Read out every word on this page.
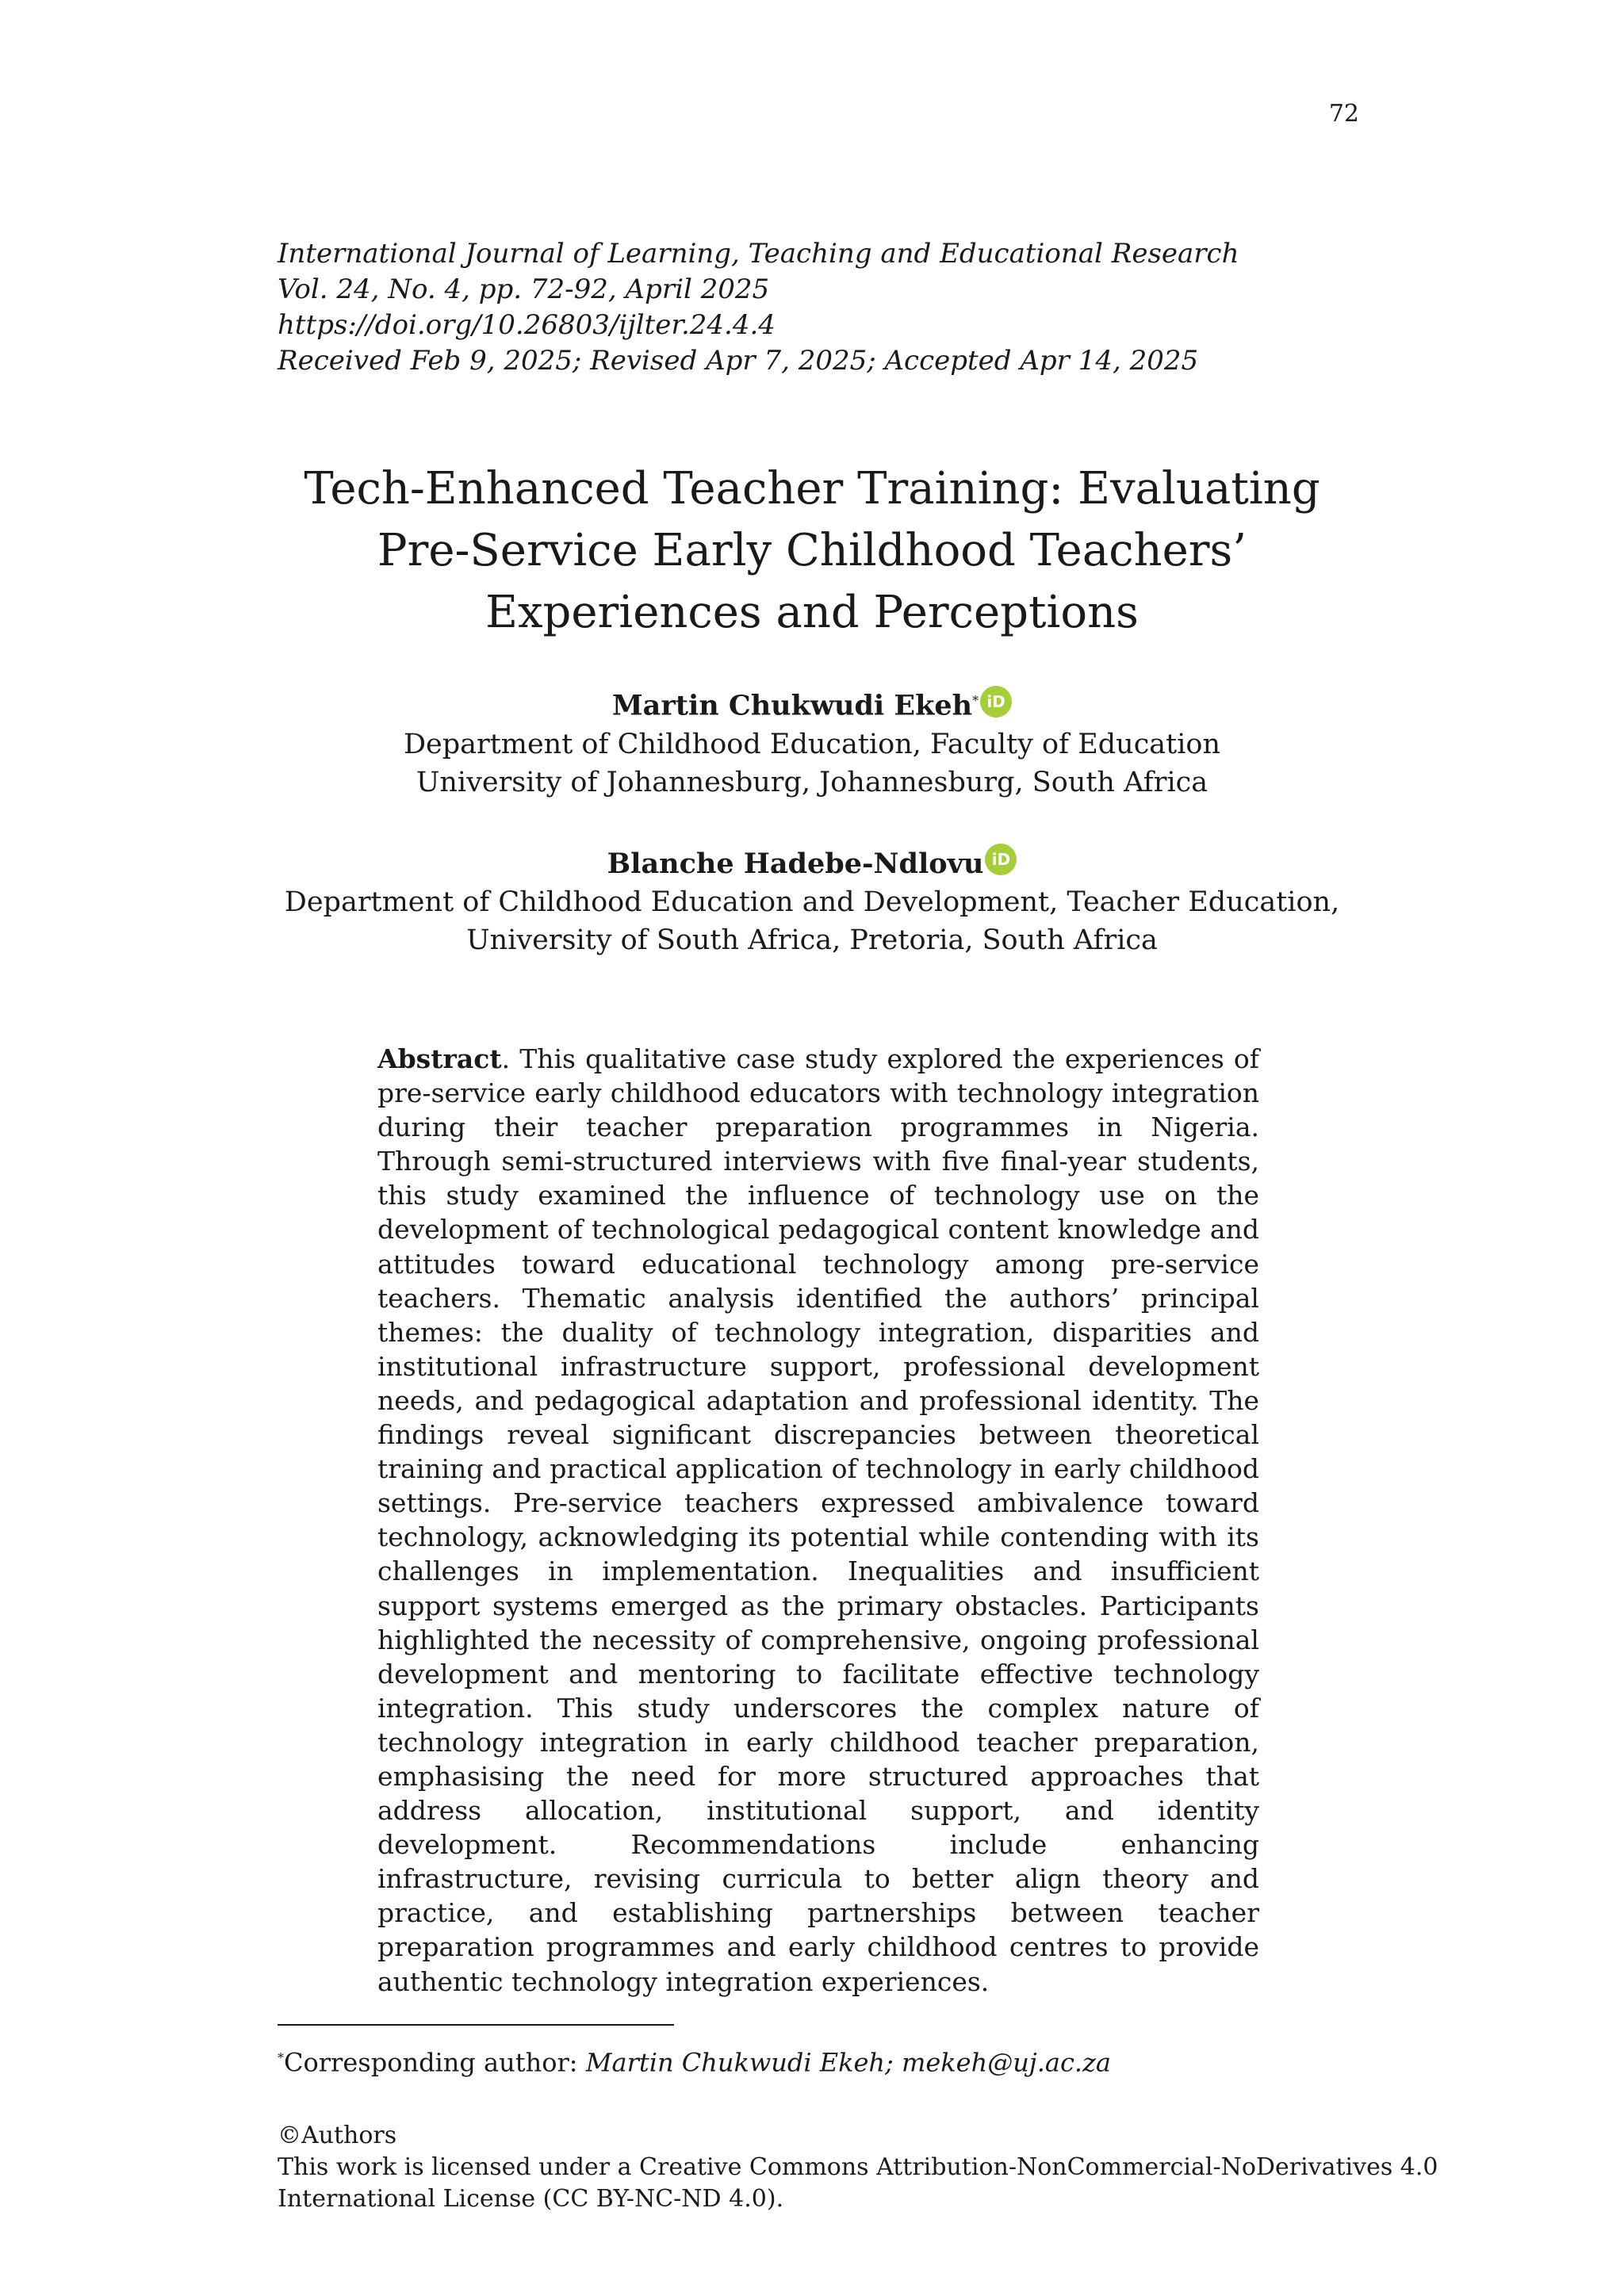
72
International Journal of Learning, Teaching and Educational Research
Vol. 24, No. 4, pp. 72-92, April 2025
https://doi.org/10.26803/ijlter.24.4.4
Received Feb 9, 2025; Revised Apr 7, 2025; Accepted Apr 14, 2025
Tech-Enhanced Teacher Training: Evaluating
Pre-Service Early Childhood Teachers’
Experiences and Perceptions
Martin Chukwudi Ekeh* iD
Department of Childhood Education, Faculty of Education
University of Johannesburg, Johannesburg, South Africa
Blanche Hadebe-Ndlovu iD
Department of Childhood Education and Development, Teacher Education,
University of South Africa, Pretoria, South Africa
Abstract. This qualitative case study explored the experiences of pre-service early childhood educators with technology integration during their teacher preparation programmes in Nigeria. Through semi-structured interviews with five final-year students, this study examined the influence of technology use on the development of technological pedagogical content knowledge and attitudes toward educational technology among pre-service teachers. Thematic analysis identified the authors’ principal themes: the duality of technology integration, disparities and institutional infrastructure support, professional development needs, and pedagogical adaptation and professional identity. The findings reveal significant discrepancies between theoretical training and practical application of technology in early childhood settings. Pre-service teachers expressed ambivalence toward technology, acknowledging its potential while contending with its challenges in implementation. Inequalities and insufficient support systems emerged as the primary obstacles. Participants highlighted the necessity of comprehensive, ongoing professional development and mentoring to facilitate effective technology integration. This study underscores the complex nature of technology integration in early childhood teacher preparation, emphasising the need for more structured approaches that address allocation, institutional support, and identity development. Recommendations include enhancing infrastructure, revising curricula to better align theory and practice, and establishing partnerships between teacher preparation programmes and early childhood centres to provide authentic technology integration experiences.
*Corresponding author: Martin Chukwudi Ekeh; mekeh@uj.ac.za
©Authors
This work is licensed under a Creative Commons Attribution-NonCommercial-NoDerivatives 4.0
International License (CC BY-NC-ND 4.0).
